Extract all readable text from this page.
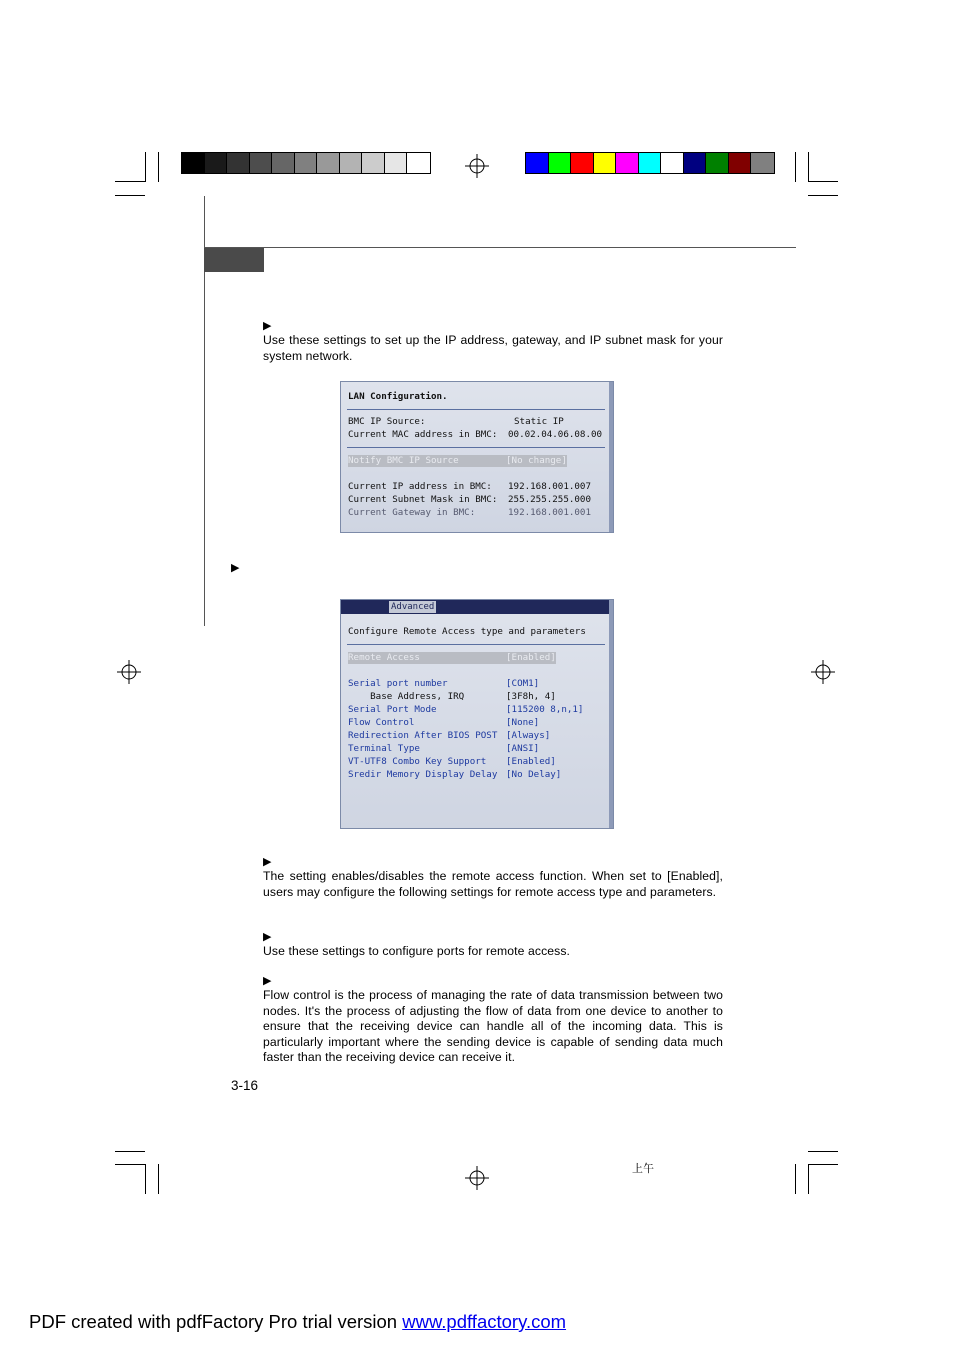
▶
Use these settings to set up the IP address, gateway, and IP subnet mask for your system network.
LAN Configuration.
BMC IP Source:	Static IP
Current MAC address in BMC: 00.02.04.06.08.00
Notify BMC IP Source	[No change]
Current IP address in BMC: 192.168.001.007
Current Subnet Mask in BMC: 255.255.255.000
Current Gateway in BMC:	192.168.001.001
▶
Advanced
Configure Remote Access type and parameters
Remote Access	[Enabled]
Serial port number	[COM1]
Base Address, IRQ	[3F8h, 4]
Serial Port Mode	[115200 8,n,1]
Flow Control	[None]
Redirection After BIOS POST [Always]
Terminal Type	[ANSI]
VT-UTF8 Combo Key Support [Enabled]
Sredir Memory Display Delay [No Delay]
▶
The setting enables/disables the remote access function. When set to [Enabled], users may configure the following settings for remote access type and parameters.
▶
Use these settings to configure ports for remote access.
▶
Flow control is the process of managing the rate of data transmission between two nodes. It's the process of adjusting the flow of data from one device to another to ensure that the receiving device can handle all of the incoming data. This is particularly important where the sending device is capable of sending data much faster than the receiving device can receive it.
3-16
上午
PDF created with pdfFactory Pro trial version www.pdffactory.com
